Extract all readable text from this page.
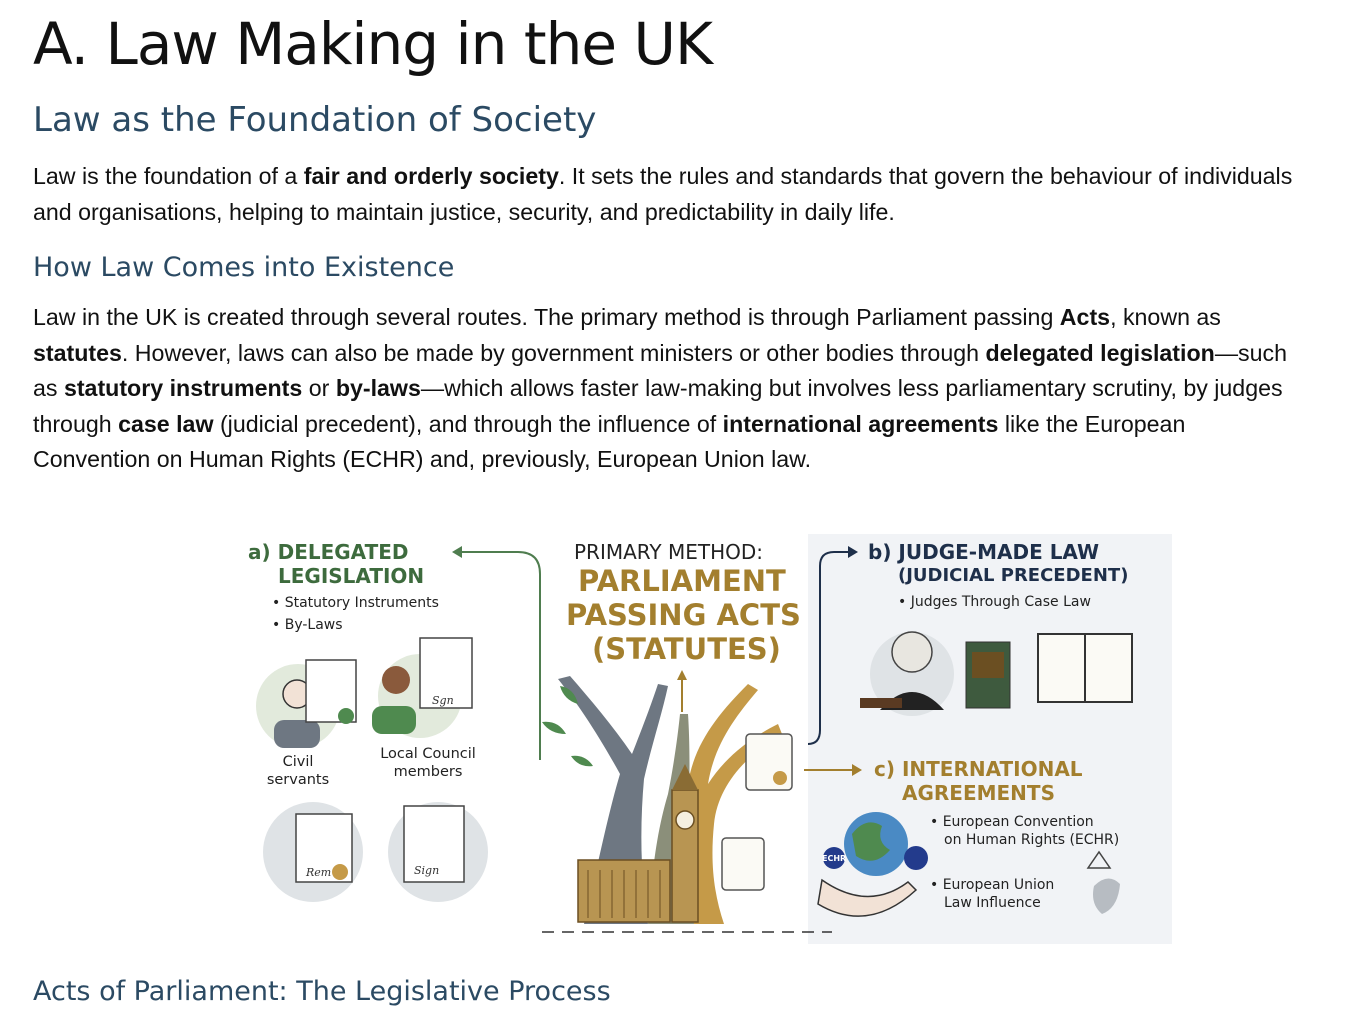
A. Law Making in the UK
Law as the Foundation of Society

Law is the foundation of a fair and orderly society. It sets the rules and standards that govern the behaviour of individuals and organisations, helping to maintain justice, security, and predictability in daily life.

How Law Comes into Existence

Law in the UK is created through several routes. The primary method is through Parliament passing Acts, known as statutes. However, laws can also be made by government ministers or other bodies through delegated legislation—such as statutory instruments or by-laws—which allows faster law-making but involves less parliamentary scrutiny, by judges through case law (judicial precedent), and through the influence of international agreements like the European Convention on Human Rights (ECHR) and, previously, European Union law.

Acts of Parliament: The Legislative Process
PRIMARY METHOD:
PARLIAMENT
PASSING ACTS
(STATUTES)
a) DELEGATED
LEGISLATION
• Statutory Instruments
• By-Laws
Civil
servants
Local Council
members
b) JUDGE-MADE LAW
(JUDICIAL PRECEDENT)
• Judges Through Case Law
c) INTERNATIONAL
AGREEMENTS
• European Convention
on Human Rights (ECHR)
• European Union
Law Influence
ECHR
Sgn
Rem	Sign
